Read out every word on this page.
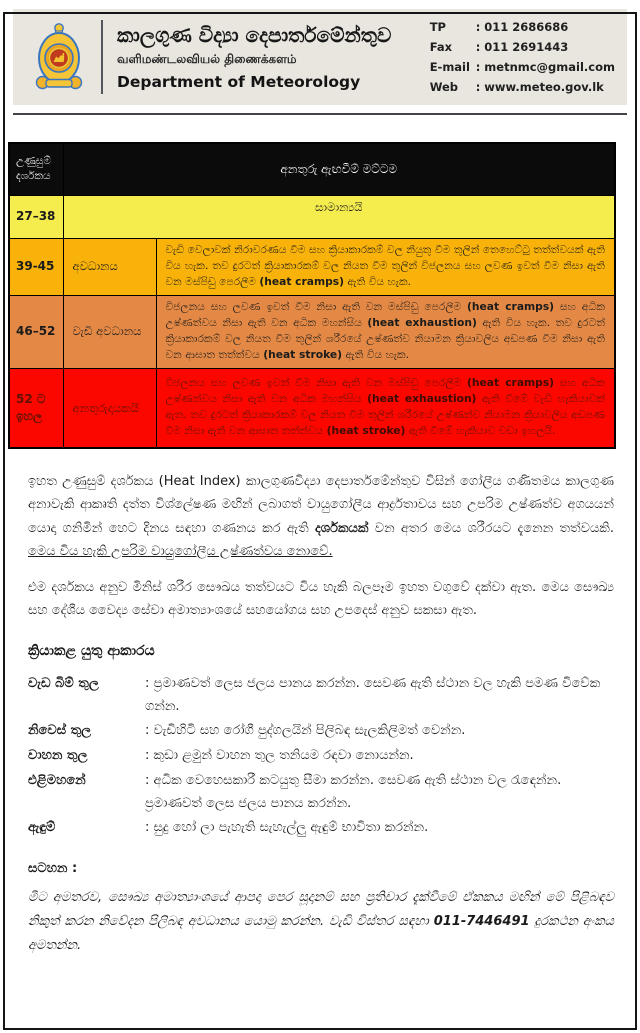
කාලගුණ විද්‍යා දෙපාර්තමේන්තුව
வளிமண்டலவியல் திணைக்களம்
Department of Meteorology
TP	: 011 2686686
Fax	: 011 2691443
E-mail : metnmc@gmail.com
Web	: www.meteo.gov.lk
උණුසුම් දර්ශකය	අනතුරු ඇඟවීම් මට්ටම	
27–38	සාමාන්‍යයි	
39-45	අවධානය	වැඩි වෙලාවක් නිරාවරණය වීම සහ ක්‍රියාකාරකම් වල නියුතු වීම තුලින් තෙහෙට්ටු තත්ත්වයක් ඇති විය හැක. තව දුරටත් ක්‍රියාකාරකම් වල නියත වීම තුලින් විජලනය සහ ලවණ ඉවත් වීම නිසා ඇති වන මස්පිඩු පෙරලීම (heat cramps) ඇති විය හැක.
46–52	වැඩි අවධානය	විජලනය සහ ලවණ ඉවත් වීම නිසා ඇති වන මස්පිඩු පෙරලීම (heat cramps) සහ අධික උෂ්ණත්වය නිසා ඇති වන අධික මහන්සිය (heat exhaustion) ඇති විය හැක. තව දුරටත් ක්‍රියාකාරකම් වල නියත වීම තුලින් ශරීරයේ උෂ්ණත්ව නියාමන ක්‍රියාවලිය අඩපණ වීම නිසා ඇති වන ආඝාත තත්ත්වය (heat stroke) ඇති විය හැක.
52 ට ඉහල	අනතුරුදායකයි	විජලනය සහ ලවණ ඉවත් වීම නිසා ඇති වන මස්පිඩු පෙරලීම (heat cramps) සහ අධික උෂ්ණත්වය නිසා ඇති වන අධික මහන්සිය (heat exhaustion) ඇති වීමේ වැඩි හැකියාවක් ඇත. තව දුරටත් ක්‍රියාකාරකම් වල නියත වීම තුලින් ශරීරයේ උෂ්ණත්ව නියාමන ක්‍රියාවලිය අඩපණ වීම නිසා ඇති වන ආඝාත තත්ත්වය (heat stroke) ඇති වීමේ හැකියාව වඩා ඉහලයි.

ඉහත උණුසුම් දර්ශකය (Heat Index) කාලගුණවිද්‍යා දෙපාර්තමේන්තුව විසින් ගෝලීය ගණිතමය කාලගුණ අනාවැකි ආකෘති දත්ත විශ්ලේෂණ මඟින් ලබාගත් වායුගෝලීය ආර්ද්‍රතාවය සහ උපරිම උෂ්ණත්ව අගයයන් යොදා ගනිමින් හෙට දිනය සඳහා ගණනය කර ඇති දර්ශකයක් වන අතර මෙය ශරීරයට දැනෙන තත්වයකි. මෙය විය හැකි උපරිම වායුගෝලීය උෂ්ණත්වය නොවේ.

එම දර්ශකය අනුව මිනිස් ශරීර සෞඛය තත්වයට විය හැකි බලපෑම ඉහත වගුවේ දක්වා ඇත. මෙය සෞඛ්‍ය සහ දේශීය වෛද්‍ය සේවා අමාත්‍යාංශයේ සහයෝගය සහ උපදෙස් අනුව සකසා ඇත.

ක්‍රියාකළ යුතු ආකාරය
වැඩ බිම් තුල	: ප්‍රමාණවත් ලෙස ජලය පානය කරන්න. සෙවණ ඇති ස්ථාන වල හැකි පමණ විවේක ගන්න.
නිවෙස් තුල	: වැඩිහිටි සහ රෝගී පුද්ගලයින් පිලිබඳ සැලකිලිමත් වෙන්න.
වාහන තුල	: කුඩා ළමුන් වාහන තුල තනියම රඳවා නොයන්න.
එළිමහනේ	: අධික වෙහෙසකාරී කටයුතු සීමා කරන්න. සෙවණ ඇති ස්ථාන වල රැඳෙන්න. ප්‍රමාණවත් ලෙස ජලය පානය කරන්න.
ඇඳුම්	: සුදු හෝ ලා පැහැති සැහැල්ලු ඇඳුම් භාවිතා කරන්න.
සටහන :
මීට අමතරව, සෞඛ්‍ය අමාත්‍යාංශයේ ආපදා පෙර සූදානම් සහ ප්‍රතිචාර දැක්වීමේ ඒකකය මඟින් මේ පිළිබඳව නිකුත් කරන නිවේදන පිලිබඳ අවධානය යොමු කරන්න. වැඩි විස්තර සඳහා 011-7446491 දුරකථන අංකය අමතන්න.
